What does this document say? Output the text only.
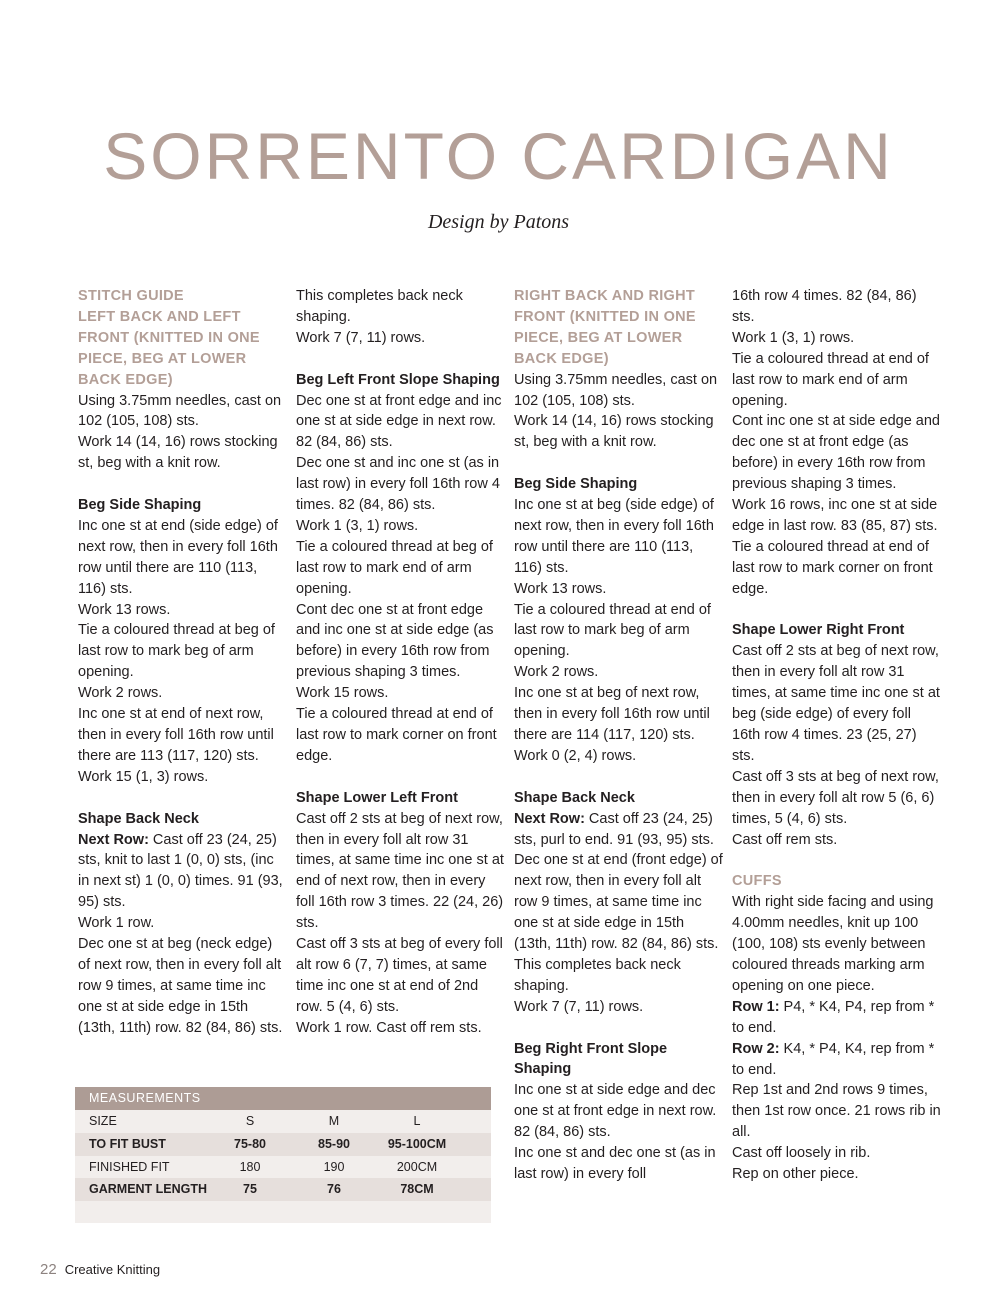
SORRENTO CARDIGAN
Design by Patons

STITCH GUIDE

LEFT BACK AND LEFT FRONT (KNITTED IN ONE PIECE, BEG AT LOWER BACK EDGE)

Using 3.75mm needles, cast on 102 (105, 108) sts.

Work 14 (14, 16) rows stocking st, beg with a knit row.

Beg Side Shaping

Inc one st at end (side edge) of next row, then in every foll 16th row until there are 110 (113, 116) sts.

Work 13 rows.

Tie a coloured thread at beg of last row to mark beg of arm opening.

Work 2 rows.

Inc one st at end of next row, then in every foll 16th row until there are 113 (117, 120) sts.

Work 15 (1, 3) rows.

Shape Back Neck

Next Row: Cast off 23 (24, 25) sts, knit to last 1 (0, 0) sts, (inc in next st) 1 (0, 0) times. 91 (93, 95) sts.

Work 1 row.

Dec one st at beg (neck edge) of next row, then in every foll alt row 9 times, at same time inc one st at side edge in 15th (13th, 11th) row. 82 (84, 86) sts.

This completes back neck shaping.

Work 7 (7, 11) rows.

Beg Left Front Slope Shaping

Dec one st at front edge and inc one st at side edge in next row. 82 (84, 86) sts.

Dec one st and inc one st (as in last row) in every foll 16th row 4 times. 82 (84, 86) sts.

Work 1 (3, 1) rows.

Tie a coloured thread at beg of last row to mark end of arm opening.

Cont dec one st at front edge and inc one st at side edge (as before) in every 16th row from previous shaping 3 times.

Work 15 rows.

Tie a coloured thread at end of last row to mark corner on front edge.

Shape Lower Left Front

Cast off 2 sts at beg of next row, then in every foll alt row 31 times, at same time inc one st at end of next row, then in every foll 16th row 3 times. 22 (24, 26) sts.

Cast off 3 sts at beg of every foll alt row 6 (7, 7) times, at same time inc one st at end of 2nd row. 5 (4, 6) sts.

Work 1 row. Cast off rem sts.

RIGHT BACK AND RIGHT FRONT (KNITTED IN ONE PIECE, BEG AT LOWER BACK EDGE)

Using 3.75mm needles, cast on 102 (105, 108) sts.

Work 14 (14, 16) rows stocking st, beg with a knit row.

Beg Side Shaping

Inc one st at beg (side edge) of next row, then in every foll 16th row until there are 110 (113, 116) sts.

Work 13 rows.

Tie a coloured thread at end of last row to mark beg of arm opening.

Work 2 rows.

Inc one st at beg of next row, then in every foll 16th row until there are 114 (117, 120) sts.

Work 0 (2, 4) rows.

Shape Back Neck

Next Row: Cast off 23 (24, 25) sts, purl to end. 91 (93, 95) sts.

Dec one st at end (front edge) of next row, then in every foll alt row 9 times, at same time inc one st at side edge in 15th (13th, 11th) row. 82 (84, 86) sts.

This completes back neck shaping.

Work 7 (7, 11) rows.

Beg Right Front Slope Shaping

Inc one st at side edge and dec one st at front edge in next row. 82 (84, 86) sts.

Inc one st and dec one st (as in last row) in every foll

16th row 4 times. 82 (84, 86) sts.

Work 1 (3, 1) rows.

Tie a coloured thread at end of last row to mark end of arm opening.

Cont inc one st at side edge and dec one st at front edge (as before) in every 16th row from previous shaping 3 times.

Work 16 rows, inc one st at side edge in last row. 83 (85, 87) sts.

Tie a coloured thread at end of last row to mark corner on front edge.

Shape Lower Right Front

Cast off 2 sts at beg of next row, then in every foll alt row 31 times, at same time inc one st at beg (side edge) of every foll 16th row 4 times. 23 (25, 27) sts.

Cast off 3 sts at beg of next row, then in every foll alt row 5 (6, 6) times, 5 (4, 6) sts.

Cast off rem sts.

CUFFS

With right side facing and using 4.00mm needles, knit up 100 (100, 108) sts evenly between coloured threads marking arm opening on one piece.

Row 1: P4, * K4, P4, rep from * to end.

Row 2: K4, * P4, K4, rep from * to end.

Rep 1st and 2nd rows 9 times, then 1st row once. 21 rows rib in all.

Cast off loosely in rib.

Rep on other piece.

MEASUREMENTS
SIZE	S	M	L
TO FIT BUST	75-80	85-90	95-100CM
FINISHED FIT	180	190	200CM
GARMENT LENGTH	75	76	78CM
22 Creative Knitting
